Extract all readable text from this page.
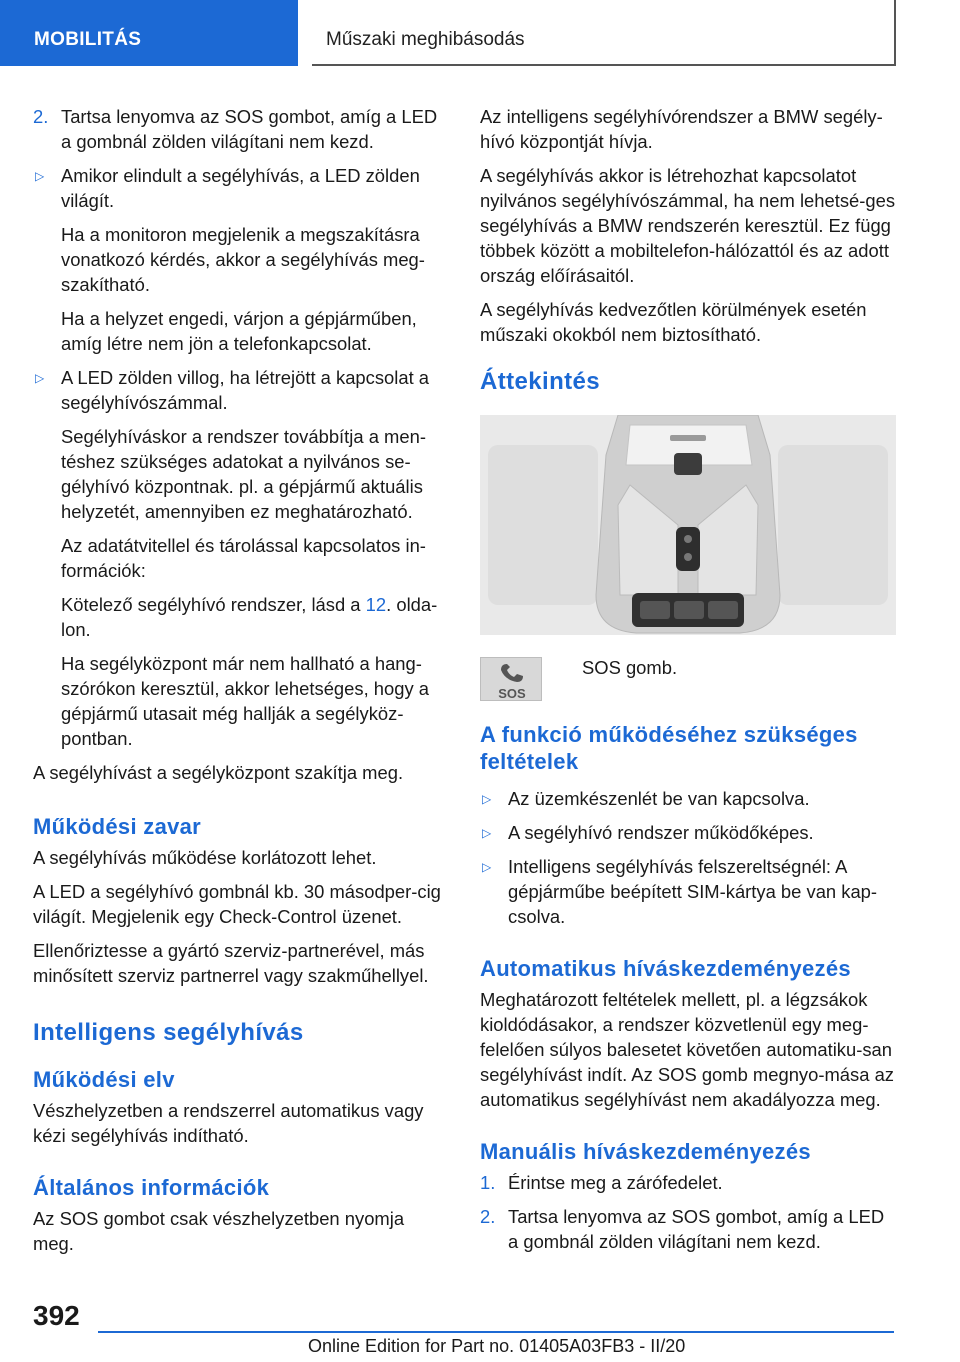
MOBILITÁS	Műszaki meghibásodás
2. Tartsa lenyomva az SOS gombot, amíg a LED a gombnál zölden világítani nem kezd.
▷ Amikor elindult a segélyhívás, a LED zölden világít.

Ha a monitoron megjelenik a megszakításra vonatkozó kérdés, akkor a segélyhívás meg‐szakítható.

Ha a helyzet engedi, várjon a gépjárműben, amíg létre nem jön a telefonkapcsolat.

▷ A LED zölden villog, ha létrejött a kapcsolat a segélyhívószámmal.

Segélyhíváskor a rendszer továbbítja a men‐téshez szükséges adatokat a nyilvános se‐gélyhívó központnak. pl. a gépjármű aktuális helyzetét, amennyiben ez meghatározható.

Az adatátvitellel és tárolással kapcsolatos in‐formációk:

Kötelező segélyhívó rendszer, lásd a 12. olda‐lon.

Ha segélyközpont már nem hallható a hang‐szórókon keresztül, akkor lehetséges, hogy a gépjármű utasait még hallják a segélyköz‐pontban.

A segélyhívást a segélyközpont szakítja meg.

Működési zavar

A segélyhívás működése korlátozott lehet.

A LED a segélyhívó gombnál kb. 30 másodper‐cig világít. Megjelenik egy Check-Control üzenet.

Ellenőriztesse a gyártó szerviz-partnerével, más minősített szerviz partnerrel vagy szakműhellyel.

Intelligens segélyhívás
Működési elv

Vészhelyzetben a rendszerrel automatikus vagy kézi segélyhívás indítható.

Általános információk

Az SOS gombot csak vészhelyzetben nyomja meg.

Az intelligens segélyhívórendszer a BMW segély‐hívó központját hívja.

A segélyhívás akkor is létrehozhat kapcsolatot nyilvános segélyhívószámmal, ha nem lehetsé‐ges segélyhívás a BMW rendszerén keresztül. Ez függ többek között a mobiltelefon-hálózattól és az adott ország előírásaitól.

A segélyhívás kedvezőtlen körülmények esetén műszaki okokból nem biztosítható.

Áttekintés
SOS
SOS gomb.
A funkció működéséhez szükséges feltételek
▷ Az üzemkészenlét be van kapcsolva.
▷ A segélyhívó rendszer működőképes.
▷ Intelligens segélyhívás felszereltségnél: A gépjárműbe beépített SIM-kártya be van kap‐csolva.
Automatikus híváskezdeményezés

Meghatározott feltételek mellett, pl. a légzsákok kioldódásakor, a rendszer közvetlenül egy meg‐felelően súlyos balesetet követően automatiku‐san segélyhívást indít. Az SOS gomb megnyo‐mása az automatikus segélyhívást nem akadályozza meg.

Manuális híváskezdeményezés
1. Érintse meg a zárófedelet.
2. Tartsa lenyomva az SOS gombot, amíg a LED a gombnál zölden világítani nem kezd.
392
Online Edition for Part no. 01405A03FB3 - II/20
